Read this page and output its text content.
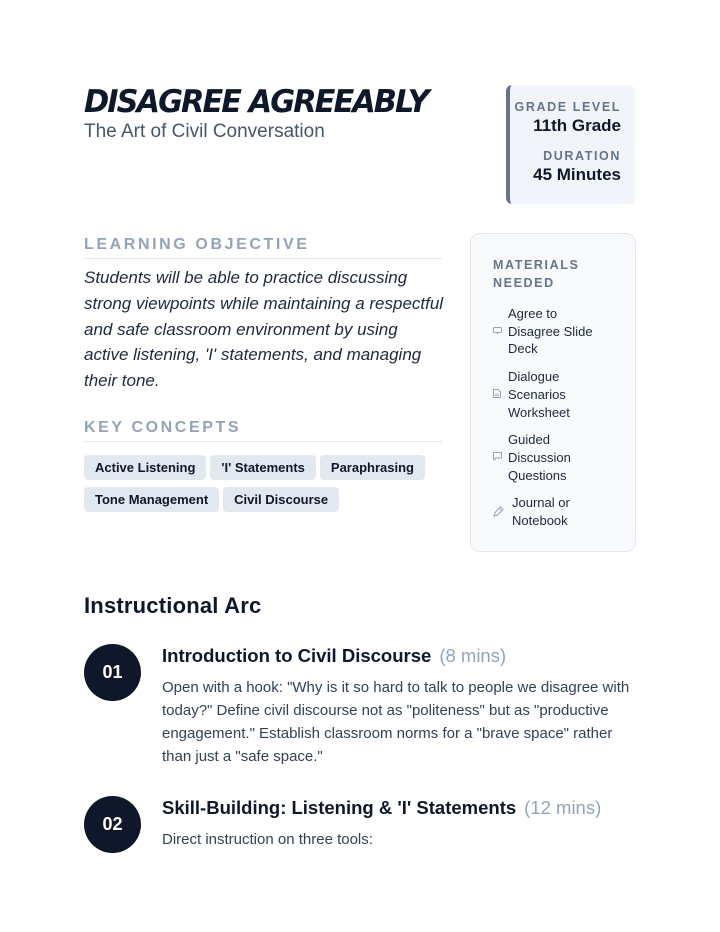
DISAGREE AGREEABLY
The Art of Civil Conversation
GRADE LEVEL
11th Grade
DURATION
45 Minutes
LEARNING OBJECTIVE
Students will be able to practice discussing strong viewpoints while maintaining a respectful and safe classroom environment by using active listening, 'I' statements, and managing their tone.
KEY CONCEPTS
Active Listening 'I' Statements Paraphrasing
Tone Management Civil Discourse
MATERIALS NEEDED
Agree to Disagree Slide Deck
Dialogue Scenarios Worksheet
Guided Discussion Questions
Journal or Notebook
Instructional Arc
01
Introduction to Civil Discourse (8 mins)
Open with a hook: "Why is it so hard to talk to people we disagree with today?" Define civil discourse not as "politeness" but as "productive engagement." Establish classroom norms for a "brave space" rather than just a "safe space."
02
Skill-Building: Listening & 'I' Statements (12 mins)
Direct instruction on three tools:
